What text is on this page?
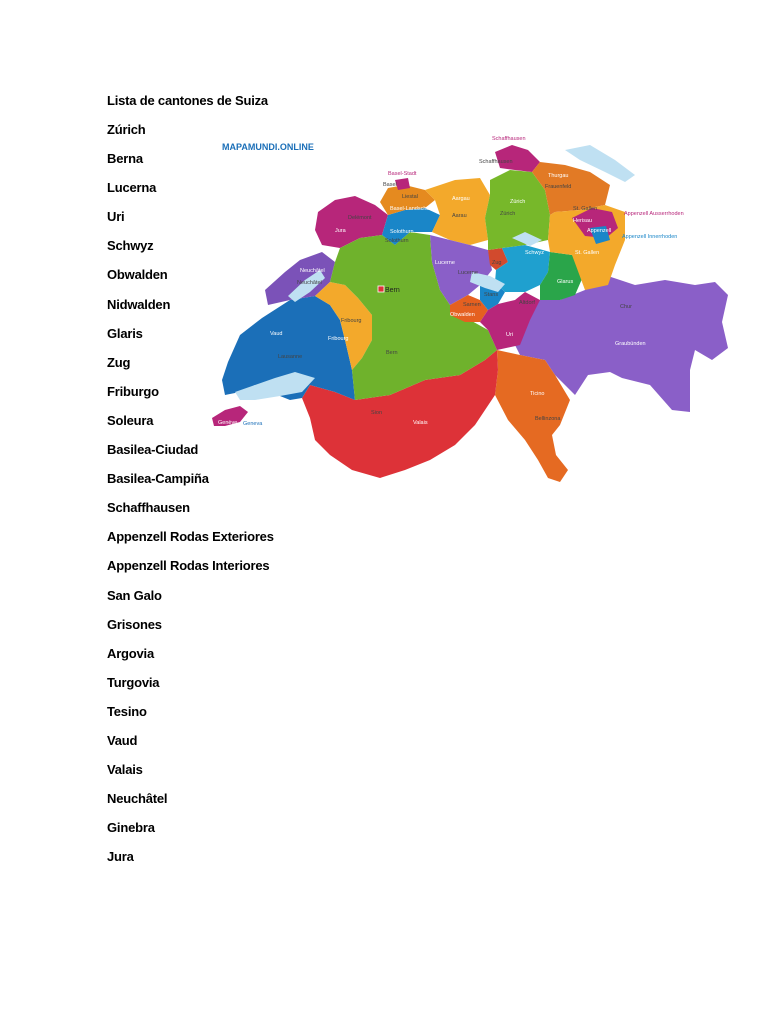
Lista de cantones de Suiza
Zúrich
Berna
Lucerna
Uri
Schwyz
Obwalden
Nidwalden
Glaris
Zug
Friburgo
Soleura
Basilea-Ciudad
Basilea-Campiña
Schaffhausen
Appenzell Rodas Exteriores
Appenzell Rodas Interiores
San Galo
Grisones
Argovia
Turgovia
Tesino
Vaud
Valais
Neuchâtel
Ginebra
Jura
MAPAMUNDI.ONLINE
Schaffhausen
Schaffhausen
Basel-Stadt
Basel
Liestal
Basel-Landschaft
Aargau
Aarau
Thurgau
Frauenfeld
Zürich
Zürich
St. Gallen
Herisau
Appenzell
Appenzell Ausserrhoden
Appenzell Innerrhoden
St. Gallen
Delémont
Jura
Solothurn
Solothurn
Neuchâtel
Neuchâtel
Bern
Bern
Lucerne
Lucerne
Schwyz
Zug
Glarus
Stans
Altdorf
Sarnen
Obwalden
Uri
Chur
Graubünden
Fribourg
Fribourg
Vaud
Lausanne
Sion
Valais
Ticino
Bellinzona
Genève Geneva
